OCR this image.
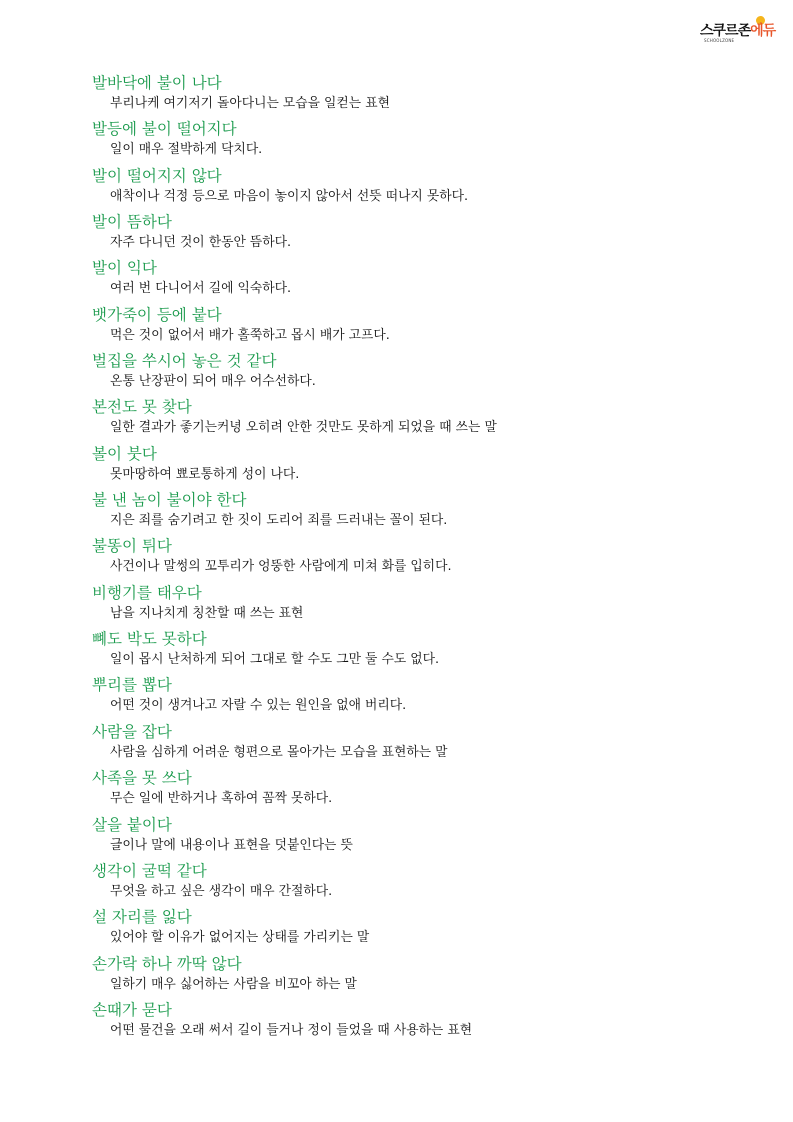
스쿠르존에듀
SCHOOLZONE
발바닥에 불이 나다
부리나케 여기저기 돌아다니는 모습을 일컫는 표현
발등에 불이 떨어지다
일이 매우 절박하게 닥치다.
발이 떨어지지 않다
애착이나 걱정 등으로 마음이 놓이지 않아서 선뜻 떠나지 못하다.
발이 뜸하다
자주 다니던 것이 한동안 뜸하다.
발이 익다
여러 번 다니어서 길에 익숙하다.
뱃가죽이 등에 붙다
먹은 것이 없어서 배가 홀쭉하고 몹시 배가 고프다.
벌집을 쑤시어 놓은 것 같다
온통 난장판이 되어 매우 어수선하다.
본전도 못 찾다
일한 결과가 좋기는커녕 오히려 안한 것만도 못하게 되었을 때 쓰는 말
볼이 붓다
못마땅하여 뾰로통하게 성이 나다.
불 낸 놈이 불이야 한다
지은 죄를 숨기려고 한 짓이 도리어 죄를 드러내는 꼴이 된다.
불똥이 튀다
사건이나 말썽의 꼬투리가 엉뚱한 사람에게 미쳐 화를 입히다.
비행기를 태우다
남을 지나치게 칭찬할 때 쓰는 표현
뼤도 박도 못하다
일이 몹시 난처하게 되어 그대로 할 수도 그만 둘 수도 없다.
뿌리를 뽑다
어떤 것이 생겨나고 자랄 수 있는 원인을 없애 버리다.
사람을 잡다
사람을 심하게 어려운 형편으로 몰아가는 모습을 표현하는 말
사족을 못 쓰다
무슨 일에 반하거나 혹하여 꼼짝 못하다.
살을 붙이다
글이나 말에 내용이나 표현을 덧붙인다는 뜻
생각이 굴떡 같다
무엇을 하고 싶은 생각이 매우 간절하다.
설 자리를 잃다
있어야 할 이유가 없어지는 상태를 가리키는 말
손가락 하나 까딱 않다
일하기 매우 싫어하는 사람을 비꼬아 하는 말
손때가 묻다
어떤 물건을 오래 써서 길이 들거나 정이 들었을 때 사용하는 표현
